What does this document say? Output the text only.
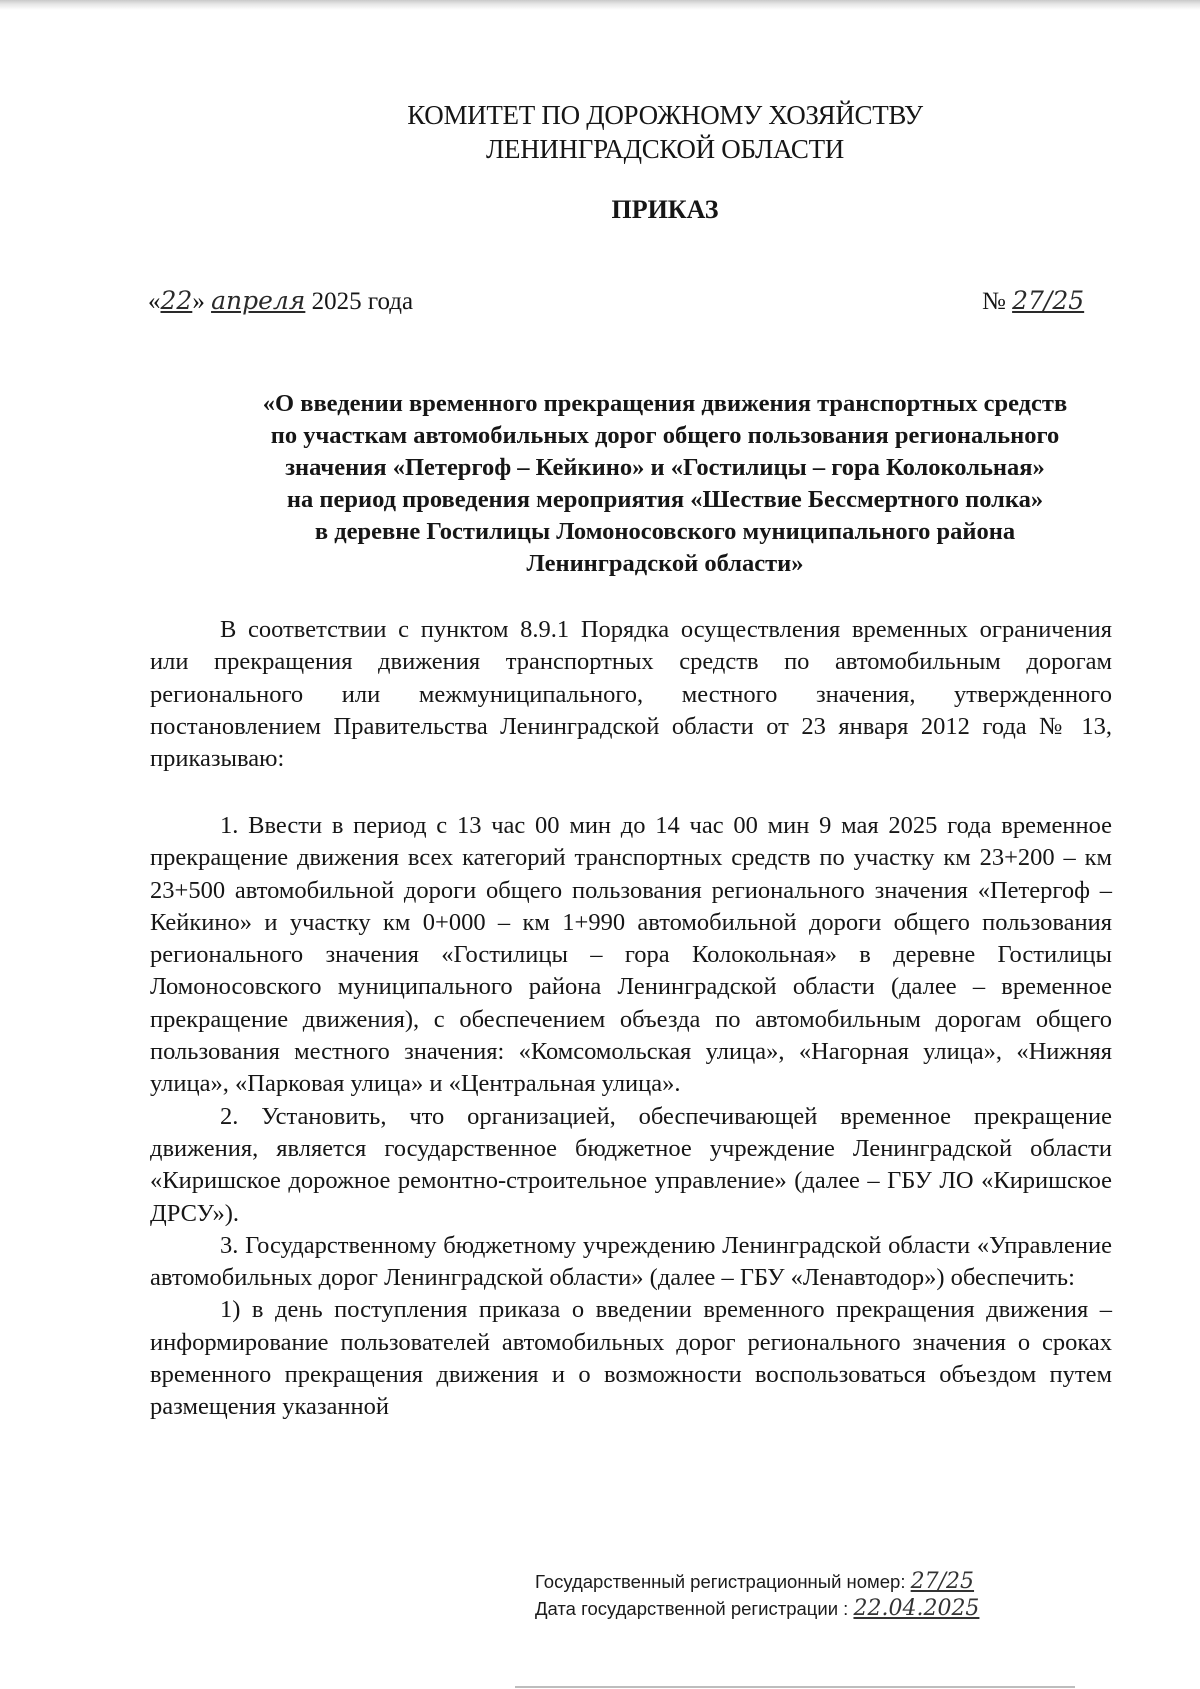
КОМИТЕТ ПО ДОРОЖНОМУ ХОЗЯЙСТВУ
ЛЕНИНГРАДСКОЙ ОБЛАСТИ
ПРИКАЗ
«22» апреля 2025 года	№ 27/25
«О введении временного прекращения движения транспортных средств
по участкам автомобильных дорог общего пользования регионального
значения «Петергоф – Кейкино» и «Гостилицы – гора Колокольная»
на период проведения мероприятия «Шествие Бессмертного полка»
в деревне Гостилицы Ломоносовского муниципального района
Ленинградской области»

В соответствии с пунктом 8.9.1 Порядка осуществления временных ограничения или прекращения движения транспортных средств по автомобильным дорогам регионального или межмуниципального, местного значения, утвержденного постановлением Правительства Ленинградской области от 23 января 2012 года № 13, приказываю:

1. Ввести в период с 13 час 00 мин до 14 час 00 мин 9 мая 2025 года временное прекращение движения всех категорий транспортных средств по участку км 23+200 – км 23+500 автомобильной дороги общего пользования регионального значения «Петергоф – Кейкино» и участку км 0+000 – км 1+990 автомобильной дороги общего пользования регионального значения «Гостилицы – гора Колокольная» в деревне Гостилицы Ломоносовского муниципального района Ленинградской области (далее – временное прекращение движения), с обеспечением объезда по автомобильным дорогам общего пользования местного значения: «Комсомольская улица», «Нагорная улица», «Нижняя улица», «Парковая улица» и «Центральная улица».

2. Установить, что организацией, обеспечивающей временное прекращение движения, является государственное бюджетное учреждение Ленинградской области «Киришское дорожное ремонтно-строительное управление» (далее – ГБУ ЛО «Киришское ДРСУ»).

3. Государственному бюджетному учреждению Ленинградской области «Управление автомобильных дорог Ленинградской области» (далее – ГБУ «Ленавтодор») обеспечить:

1) в день поступления приказа о введении временного прекращения движения – информирование пользователей автомобильных дорог регионального значения о сроках временного прекращения движения и о возможности воспользоваться объездом путем размещения указанной

Государственный регистрационный номер: 27/25
Дата государственной регистрации : 22.04.2025
